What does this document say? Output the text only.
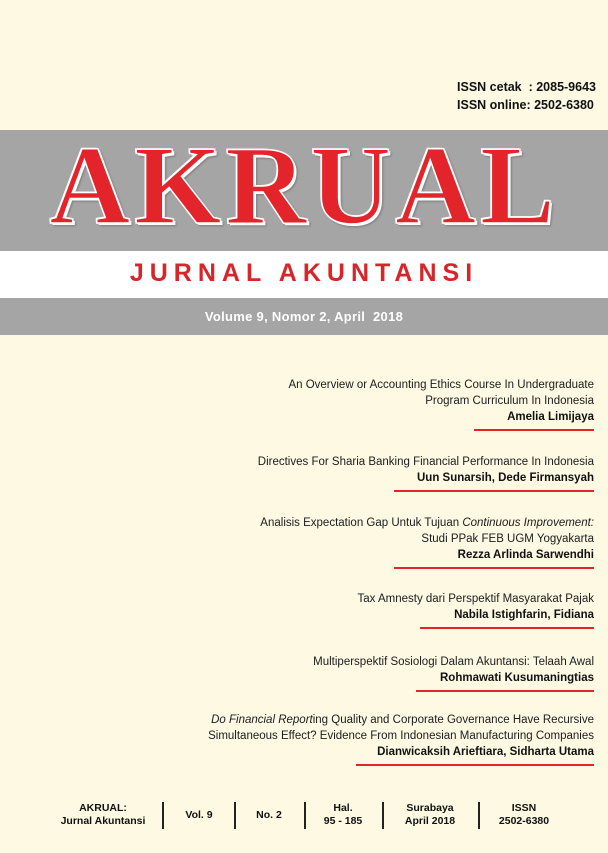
ISSN cetak  : 2085-9643
ISSN online: 2502-6380
AKRUAL
JURNAL AKUNTANSI
Volume 9, Nomor 2, April  2018
An Overview or Accounting Ethics Course In Undergraduate
Program Curriculum In Indonesia
Amelia Limijaya
Directives For Sharia Banking Financial Performance In Indonesia
Uun Sunarsih, Dede Firmansyah
Analisis Expectation Gap Untuk Tujuan Continuous Improvement:
Studi PPak FEB UGM Yogyakarta
Rezza Arlinda Sarwendhi
Tax Amnesty dari Perspektif Masyarakat Pajak
Nabila Istighfarin, Fidiana
Multiperspektif Sosiologi Dalam Akuntansi: Telaah Awal
Rohmawati Kusumaningtias
Do Financial Reporting Quality and Corporate Governance Have Recursive
Simultaneous Effect? Evidence From Indonesian Manufacturing Companies
Dianwicaksih Arieftiara, Sidharta Utama
AKRUAL:
Jurnal Akuntansi
Vol. 9	No. 2
Hal.
95 - 185
Surabaya
April 2018
ISSN
2502-6380
